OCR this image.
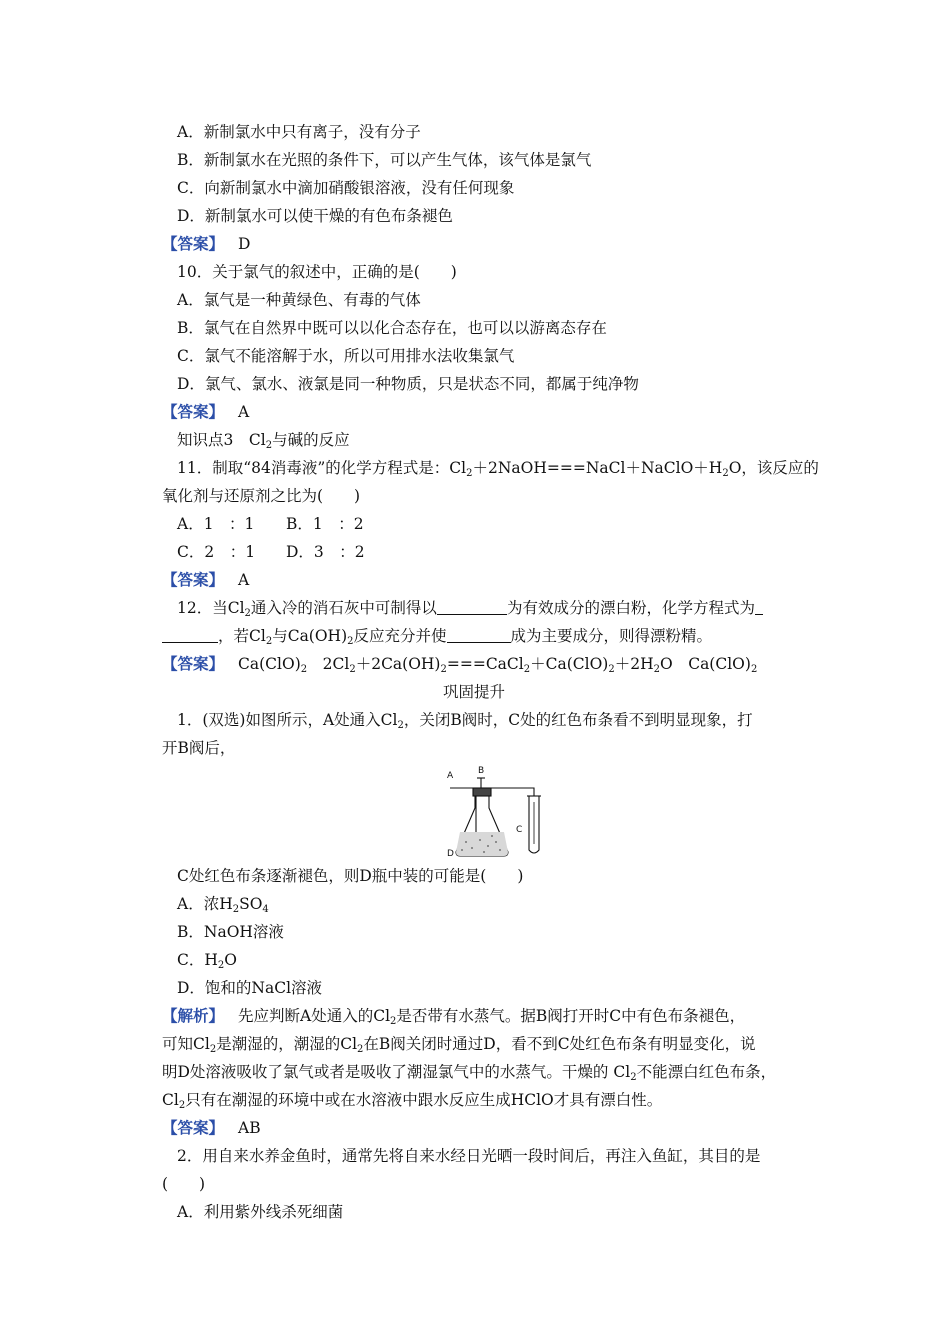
A．新制氯水中只有离子，没有分子
B．新制氯水在光照的条件下，可以产生气体，该气体是氯气
C．向新制氯水中滴加硝酸银溶液，没有任何现象
D．新制氯水可以使干燥的有色布条褪色
【答案】 D
10．关于氯气的叙述中，正确的是(　　)
A．氯气是一种黄绿色、有毒的气体
B．氯气在自然界中既可以以化合态存在，也可以以游离态存在
C．氯气不能溶解于水，所以可用排水法收集氯气
D．氯气、氯水、液氯是同一种物质，只是状态不同，都属于纯净物
【答案】 A
知识点3　$Cl_2$与碱的反应
11．制取“84消毒液”的化学方程式是：$Cl_2+2NaOH===NaCl+NaClO+H_2O$，该反应的
氧化剂与还原剂之比为(　　)
A．1　：1 B．1　：2
C．2　：1 D．3　：2
【答案】 A
12．当$Cl_2$通入冷的消石灰中可制得以	为有效成分的漂白粉，化学方程式为
，若$Cl_2$与$Ca(OH)_2$反应充分并使	成为主要成分，则得漂粉精。
【答案】 $Ca(ClO)_2$　 $2Cl_2+2Ca(OH)_2===CaCl_2+Ca(ClO)_2+2H_2O$　$Ca(ClO)_2$
巩固提升
1．(双选)如图所示，A处通入$Cl_2$，关闭B阀时，C处的红色布条看不到明显现象，打
开B阀后，
A	B
C
D
C处红色布条逐渐褪色，则D瓶中装的可能是(　　)
A．浓$H_2SO_4$
B．NaOH溶液
C．$H_2O$
D．饱和的NaCl溶液
【解析】 先应判断A处通入的$Cl_2$是否带有水蒸气。据B阀打开时C中有色布条褪色，
可知$Cl_2$是潮湿的，潮湿的$Cl_2$在B阀关闭时通过D，看不到C处红色布条有明显变化，说
明D处溶液吸收了氯气或者是吸收了潮湿氯气中的水蒸气。干燥的 $Cl_2$不能漂白红色布条，
$Cl_2$只有在潮湿的环境中或在水溶液中跟水反应生成HClO才具有漂白性。
【答案】 AB
2．用自来水养金鱼时，通常先将自来水经日光晒一段时间后，再注入鱼缸，其目的是
(　　)
A．利用紫外线杀死细菌
